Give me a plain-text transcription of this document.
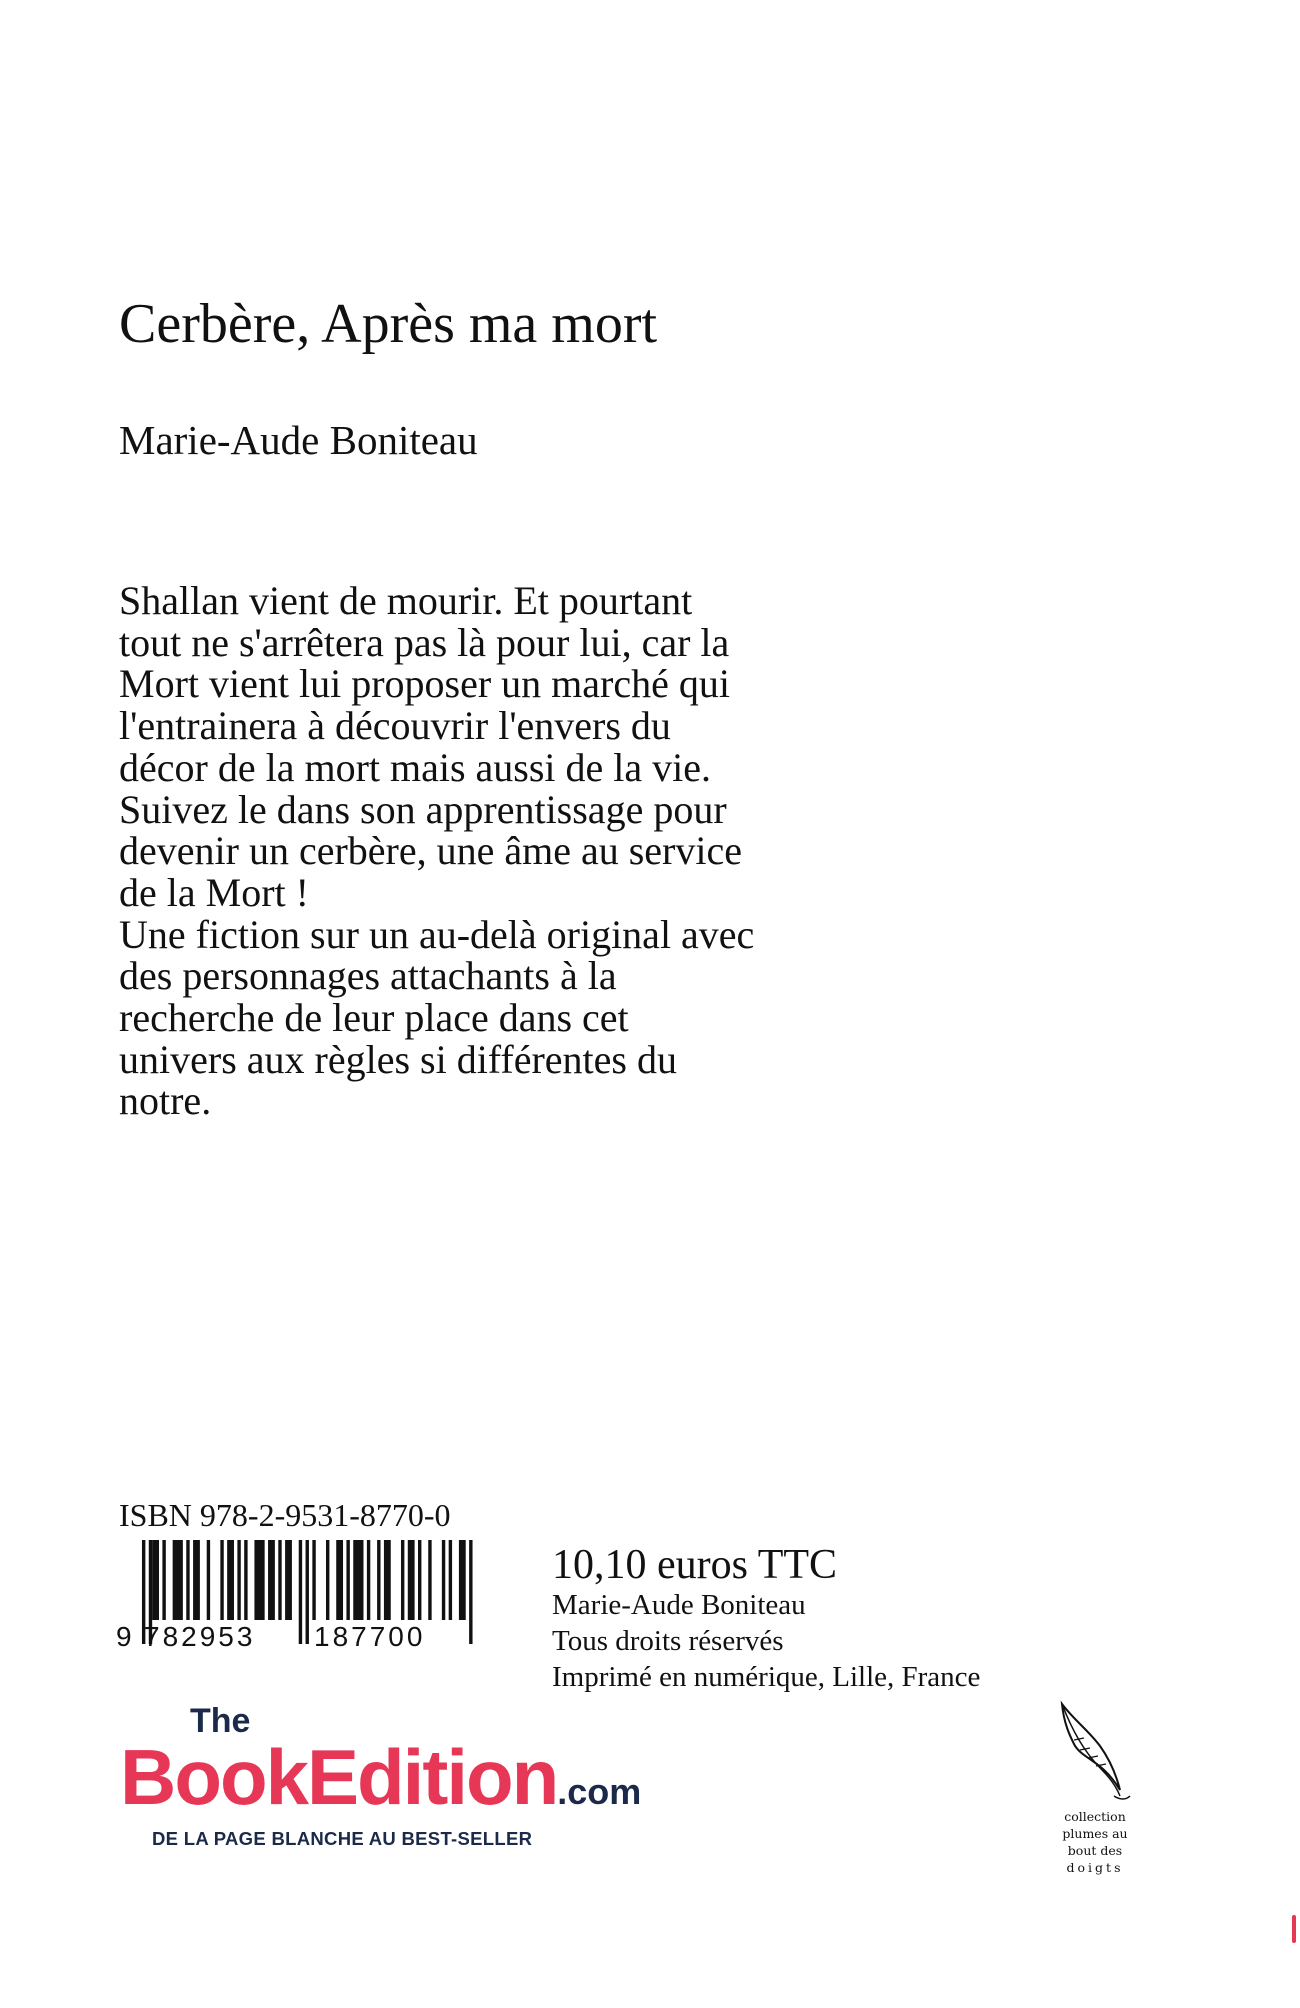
Cerbère, Après ma mort
Marie-Aude Boniteau
Shallan vient de mourir. Et pourtant
tout ne s'arrêtera pas là pour lui, car la
Mort vient lui proposer un marché qui
l'entrainera à découvrir l'envers du
décor de la mort mais aussi de la vie.
Suivez le dans son apprentissage pour
devenir un cerbère, une âme au service
de la Mort !
Une fiction sur un au-delà original avec
des personnages attachants à la
recherche de leur place dans cet
univers aux règles si différentes du
notre.
ISBN 978-2-9531-8770-0
9 782953 187700
10,10 euros TTC
Marie-Aude Boniteau
Tous droits réservés
Imprimé en numérique, Lille, France
The
BookEdition.com
DE LA PAGE BLANCHE AU BEST-SELLER
collection
plumes au
bout des
doigts
